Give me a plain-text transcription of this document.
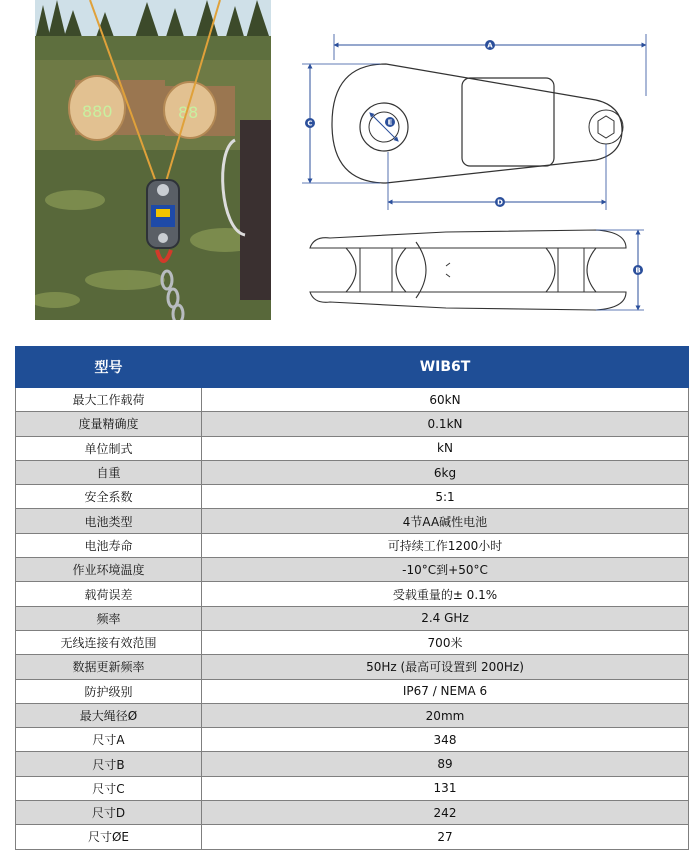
880	88
A
C	E
D
B
型号	WIB6T
最大工作载荷	60kN
度量精确度	0.1kN
单位制式	kN
自重	6kg
安全系数	5:1
电池类型	4节AA碱性电池
电池寿命	可持续工作1200小时
作业环境温度	-10°C到+50°C
载荷误差	受载重量的± 0.1%
频率	2.4 GHz
无线连接有效范围	700米
数据更新频率	50Hz (最高可设置到 200Hz)
防护级别	IP67 / NEMA 6
最大绳径Ø	20mm
尺寸A	348
尺寸B	89
尺寸C	131
尺寸D	242
尺寸ØE	27
